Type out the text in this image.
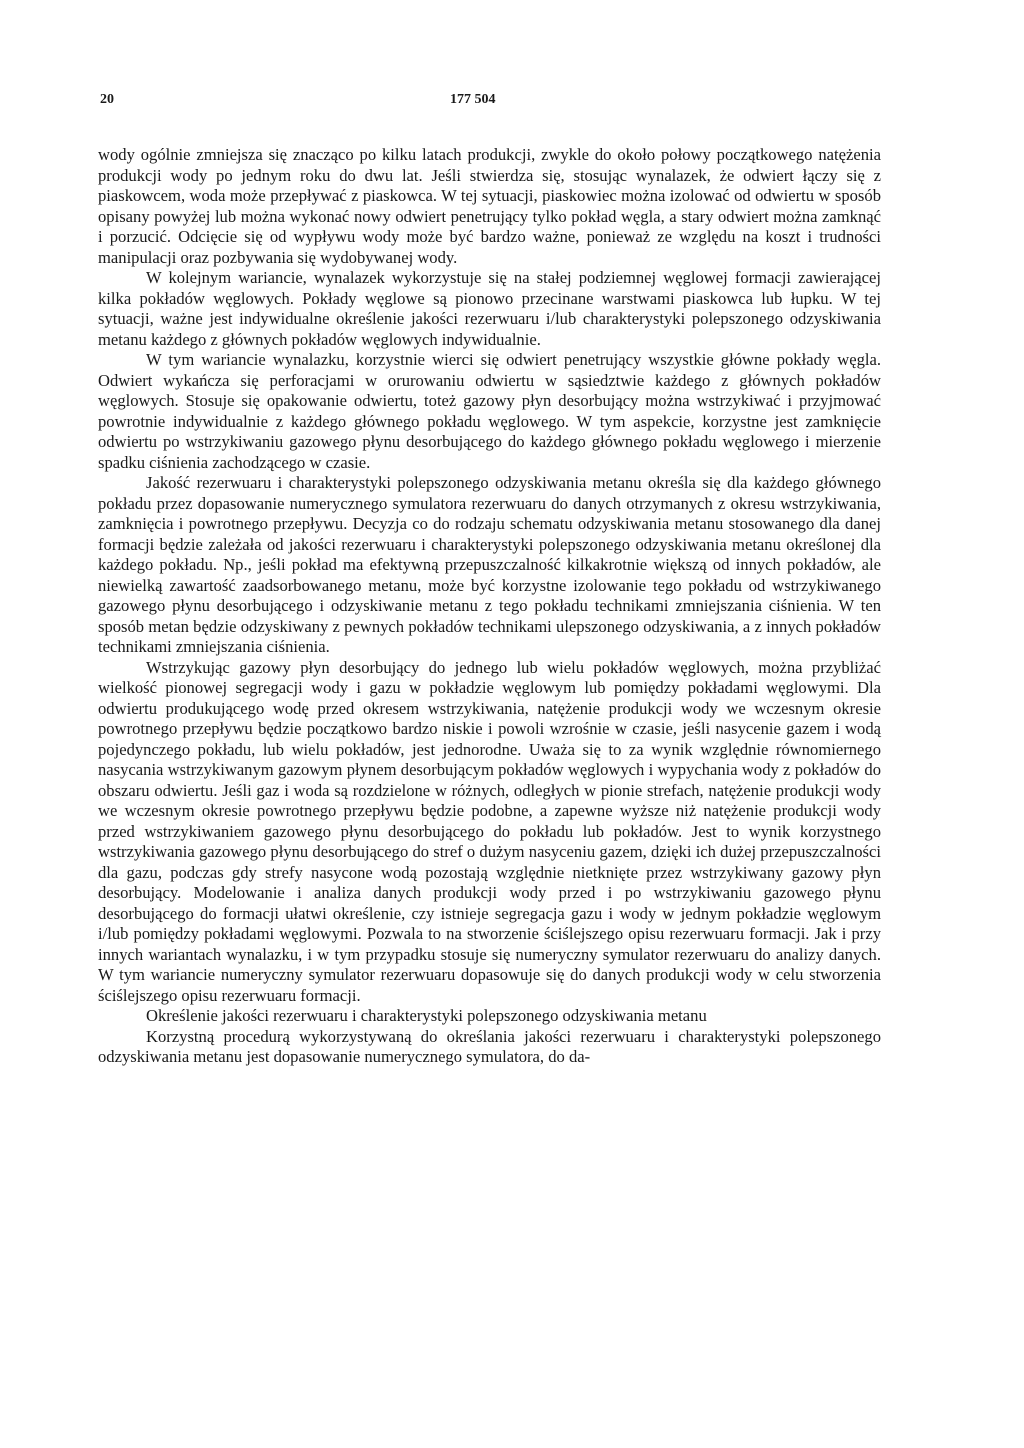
20	177 504

wody ogólnie zmniejsza się znacząco po kilku latach produkcji, zwykle do około połowy początkowego natężenia produkcji wody po jednym roku do dwu lat. Jeśli stwierdza się, stosując wynalazek, że odwiert łączy się z piaskowcem, woda może przepływać z piaskowca. W tej sytuacji, piaskowiec można izolować od odwiertu w sposób opisany powyżej lub można wykonać nowy odwiert penetrujący tylko pokład węgla, a stary odwiert można zamknąć i porzucić. Odcięcie się od wypływu wody może być bardzo ważne, ponieważ ze względu na koszt i trudności manipulacji oraz pozbywania się wydobywanej wody.

W kolejnym wariancie, wynalazek wykorzystuje się na stałej podziemnej węglowej formacji zawierającej kilka pokładów węglowych. Pokłady węglowe są pionowo przecinane warstwami piaskowca lub łupku. W tej sytuacji, ważne jest indywidualne określenie jakości rezerwuaru i/lub charakterystyki polepszonego odzyskiwania metanu każdego z głównych pokładów węglowych indywidualnie.

W tym wariancie wynalazku, korzystnie wierci się odwiert penetrujący wszystkie główne pokłady węgla. Odwiert wykańcza się perforacjami w orurowaniu odwiertu w sąsiedztwie każdego z głównych pokładów węglowych. Stosuje się opakowanie odwiertu, toteż gazowy płyn desorbujący można wstrzykiwać i przyjmować powrotnie indywidualnie z każdego głównego pokładu węglowego. W tym aspekcie, korzystne jest zamknięcie odwiertu po wstrzykiwaniu gazowego płynu desorbującego do każdego głównego pokładu węglowego i mierzenie spadku ciśnienia zachodzącego w czasie.

Jakość rezerwuaru i charakterystyki polepszonego odzyskiwania metanu określa się dla każdego głównego pokładu przez dopasowanie numerycznego symulatora rezerwuaru do danych otrzymanych z okresu wstrzykiwania, zamknięcia i powrotnego przepływu. Decyzja co do rodzaju schematu odzyskiwania metanu stosowanego dla danej formacji będzie zależała od jakości rezerwuaru i charakterystyki polepszonego odzyskiwania metanu określonej dla każdego pokładu. Np., jeśli pokład ma efektywną przepuszczalność kilkakrotnie większą od innych pokładów, ale niewielką zawartość zaadsorbowanego metanu, może być korzystne izolowanie tego pokładu od wstrzykiwanego gazowego płynu desorbującego i odzyskiwanie metanu z tego pokładu technikami zmniejszania ciśnienia. W ten sposób metan będzie odzyskiwany z pewnych pokładów technikami ulepszonego odzyskiwania, a z innych pokładów technikami zmniejszania ciśnienia.

Wstrzykując gazowy płyn desorbujący do jednego lub wielu pokładów węglowych, można przybliżać wielkość pionowej segregacji wody i gazu w pokładzie węglowym lub pomiędzy pokładami węglowymi. Dla odwiertu produkującego wodę przed okresem wstrzykiwania, natężenie produkcji wody we wczesnym okresie powrotnego przepływu będzie początkowo bardzo niskie i powoli wzrośnie w czasie, jeśli nasycenie gazem i wodą pojedynczego pokładu, lub wielu pokładów, jest jednorodne. Uważa się to za wynik względnie równomiernego nasycania wstrzykiwanym gazowym płynem desorbującym pokładów węglowych i wypychania wody z pokładów do obszaru odwiertu. Jeśli gaz i woda są rozdzielone w różnych, odległych w pionie strefach, natężenie produkcji wody we wczesnym okresie powrotnego przepływu będzie podobne, a zapewne wyższe niż natężenie produkcji wody przed wstrzykiwaniem gazowego płynu desorbującego do pokładu lub pokładów. Jest to wynik korzystnego wstrzykiwania gazowego płynu desorbującego do stref o dużym nasyceniu gazem, dzięki ich dużej przepuszczalności dla gazu, podczas gdy strefy nasycone wodą pozostają względnie nietknięte przez wstrzykiwany gazowy płyn desorbujący. Modelowanie i analiza danych produkcji wody przed i po wstrzykiwaniu gazowego płynu desorbującego do formacji ułatwi określenie, czy istnieje segregacja gazu i wody w jednym pokładzie węglowym i/lub pomiędzy pokładami węglowymi. Pozwala to na stworzenie ściślejszego opisu rezerwuaru formacji. Jak i przy innych wariantach wynalazku, i w tym przypadku stosuje się numeryczny symulator rezerwuaru do analizy danych. W tym wariancie numeryczny symulator rezerwuaru dopasowuje się do danych produkcji wody w celu stworzenia ściślejszego opisu rezerwuaru formacji.

Określenie jakości rezerwuaru i charakterystyki polepszonego odzyskiwania metanu

Korzystną procedurą wykorzystywaną do określania jakości rezerwuaru i charakterystyki polepszonego odzyskiwania metanu jest dopasowanie numerycznego symulatora, do da-
